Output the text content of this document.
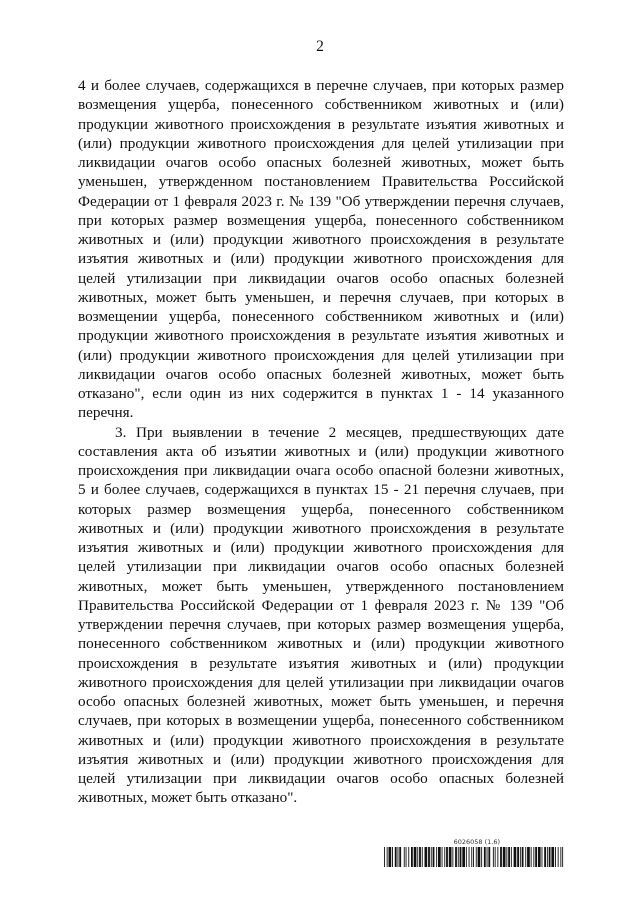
2

4 и более случаев, содержащихся в перечне случаев, при которых размер возмещения ущерба, понесенного собственником животных и (или) продукции животного происхождения в результате изъятия животных и (или) продукции животного происхождения для целей утилизации при ликвидации очагов особо опасных болезней животных, может быть уменьшен, утвержденном постановлением Правительства Российской Федерации от 1 февраля 2023 г. № 139 "Об утверждении перечня случаев, при которых размер возмещения ущерба, понесенного собственником животных и (или) продукции животного происхождения в результате изъятия животных и (или) продукции животного происхождения для целей утилизации при ликвидации очагов особо опасных болезней животных, может быть уменьшен, и перечня случаев, при которых в возмещении ущерба, понесенного собственником животных и (или) продукции животного происхождения в результате изъятия животных и (или) продукции животного происхождения для целей утилизации при ликвидации очагов особо опасных болезней животных, может быть отказано", если один из них содержится в пунктах 1 - 14 указанного перечня.

3. При выявлении в течение 2 месяцев, предшествующих дате составления акта об изъятии животных и (или) продукции животного происхождения при ликвидации очага особо опасной болезни животных, 5 и более случаев, содержащихся в пунктах 15 - 21 перечня случаев, при которых размер возмещения ущерба, понесенного собственником животных и (или) продукции животного происхождения в результате изъятия животных и (или) продукции животного происхождения для целей утилизации при ликвидации очагов особо опасных болезней животных, может быть уменьшен, утвержденного постановлением Правительства Российской Федерации от 1 февраля 2023 г. № 139 "Об утверждении перечня случаев, при которых размер возмещения ущерба, понесенного собственником животных и (или) продукции животного происхождения в результате изъятия животных и (или) продукции животного происхождения для целей утилизации при ликвидации очагов особо опасных болезней животных, может быть уменьшен, и перечня случаев, при которых в возмещении ущерба, понесенного собственником животных и (или) продукции животного происхождения в результате изъятия животных и (или) продукции животного происхождения для целей утилизации при ликвидации очагов особо опасных болезней животных, может быть отказано".

6026058 (1.6)
